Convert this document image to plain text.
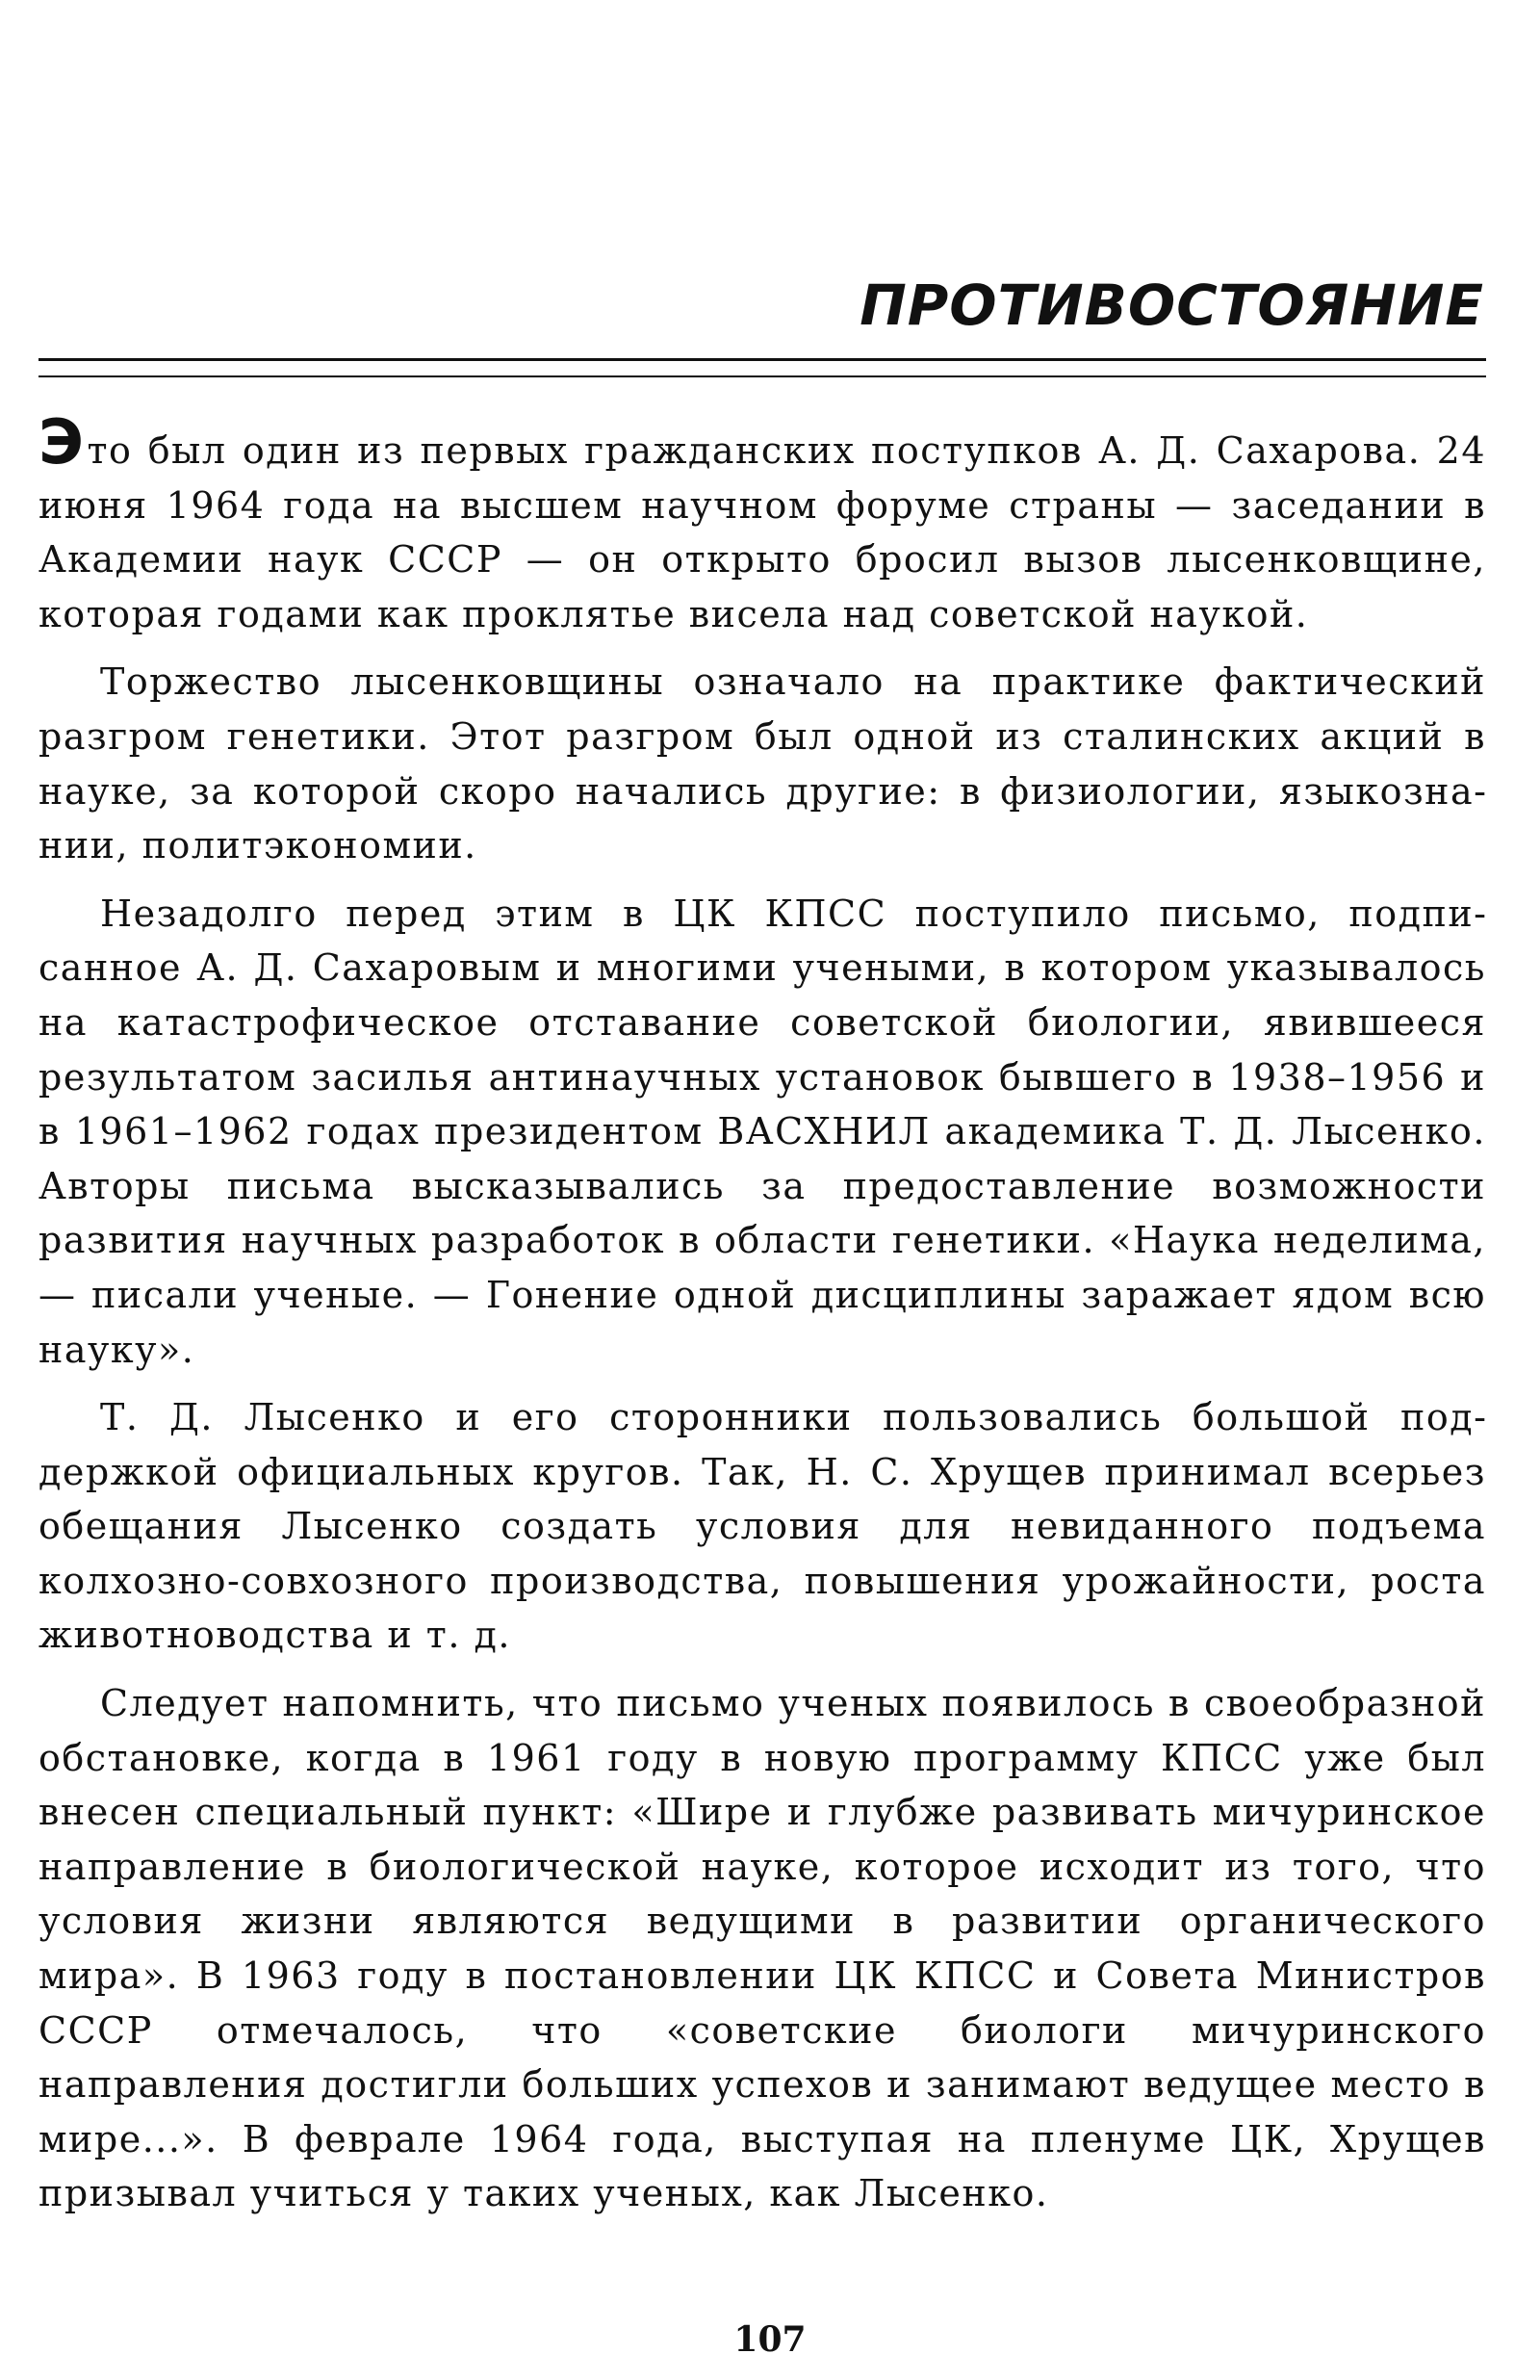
ПРОТИВОСТОЯНИЕ

Это был один из первых гражданских поступков А. Д. Сахарова. 24 июня 1964 года на высшем научном форуме страны — заседании в Академии наук СССР — он открыто бросил вызов лысенковщине, которая годами как проклятье висела над советской наукой.

Торжество лысенковщины означало на практике фактический разгром генетики. Этот разгром был одной из сталинских акций в науке, за которой скоро начались другие: в физиологии, языкознании, политэкономии.

Незадолго перед этим в ЦК КПСС поступило письмо, подписанное А. Д. Сахаровым и многими учеными, в котором указывалось на катастрофическое отставание советской биологии, явившееся результатом засилья антинаучных установок бывшего в 1938–1956 и в 1961–1962 годах президентом ВАСХНИЛ академика Т. Д. Лысенко. Авторы письма высказывались за предоставление возможности развития научных разработок в области генетики. «Наука неделима, — писали ученые. — Гонение одной дисциплины заражает ядом всю науку».

Т. Д. Лысенко и его сторонники пользовались большой поддержкой официальных кругов. Так, Н. С. Хрущев принимал всерьез обещания Лысенко создать условия для невиданного подъема колхозно-совхозного производства, повышения урожайности, роста животноводства и т. д.

Следует напомнить, что письмо ученых появилось в своеобразной обстановке, когда в 1961 году в новую программу КПСС уже был внесен специальный пункт: «Шире и глубже развивать мичуринское направление в биологической науке, которое исходит из того, что условия жизни являются ведущими в развитии органического мира». В 1963 году в постановлении ЦК КПСС и Совета Министров СССР отмечалось, что «советские биологи мичуринского направления достигли больших успехов и занимают ведущее место в мире...». В феврале 1964 года, выступая на пленуме ЦК, Хрущев призывал учиться у таких ученых, как Лысенко.

107
